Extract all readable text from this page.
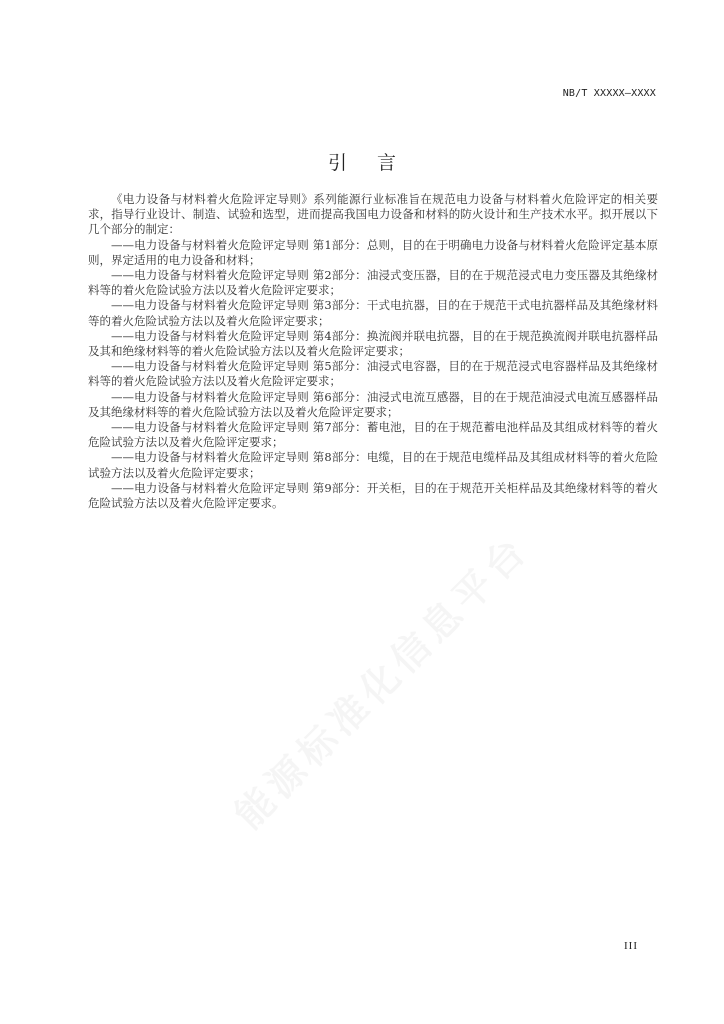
NB/T XXXXX—XXXX
引言

《电力设备与材料着火危险评定导则》系列能源行业标准旨在规范电力设备与材料着火危险评定的相关要求，指导行业设计、制造、试验和选型，进而提高我国电力设备和材料的防火设计和生产技术水平。拟开展以下几个部分的制定：

——电力设备与材料着火危险评定导则 第1部分：总则，目的在于明确电力设备与材料着火危险评定基本原则，界定适用的电力设备和材料；

——电力设备与材料着火危险评定导则 第2部分：油浸式变压器，目的在于规范浸式电力变压器及其绝缘材料等的着火危险试验方法以及着火危险评定要求；

——电力设备与材料着火危险评定导则 第3部分：干式电抗器，目的在于规范干式电抗器样品及其绝缘材料等的着火危险试验方法以及着火危险评定要求；

——电力设备与材料着火危险评定导则 第4部分：换流阀并联电抗器，目的在于规范换流阀并联电抗器样品及其和绝缘材料等的着火危险试验方法以及着火危险评定要求；

——电力设备与材料着火危险评定导则 第5部分：油浸式电容器，目的在于规范浸式电容器样品及其绝缘材料等的着火危险试验方法以及着火危险评定要求；

——电力设备与材料着火危险评定导则 第6部分：油浸式电流互感器，目的在于规范油浸式电流互感器样品及其绝缘材料等的着火危险试验方法以及着火危险评定要求；

——电力设备与材料着火危险评定导则 第7部分：蓄电池，目的在于规范蓄电池样品及其组成材料等的着火危险试验方法以及着火危险评定要求；

——电力设备与材料着火危险评定导则 第8部分：电缆，目的在于规范电缆样品及其组成材料等的着火危险试验方法以及着火危险评定要求；

——电力设备与材料着火危险评定导则 第9部分：开关柜，目的在于规范开关柜样品及其绝缘材料等的着火危险试验方法以及着火危险评定要求。

能源标准化信息平台
III
